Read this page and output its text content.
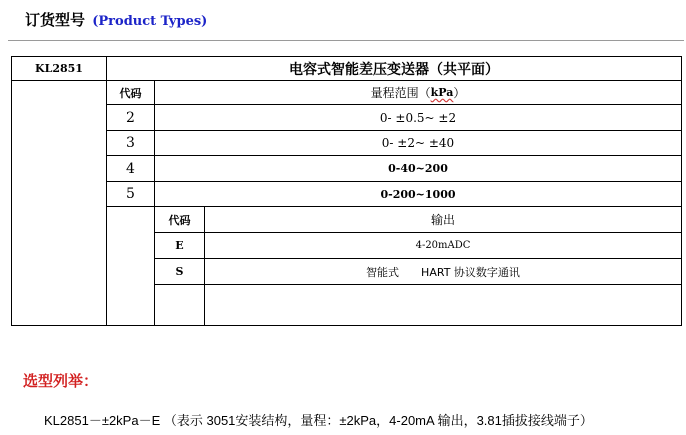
订货型号 (Product Types)
KL2851	电容式智能差压变送器（共平面）
代码	量程范围（ kPa ）
2	0- ±0.5~ ±2
3	0- ±2~ ±40
4	0-40~200
5	0-200~1000
代码	输出
E	4-20mADC
S	智能式　　HART 协议数字通讯
选型列举：
KL2851－±2kPa－E （表示 3051安装结构，量程：±2kPa，4-20mA 输出，3.81插拔接线端子）
